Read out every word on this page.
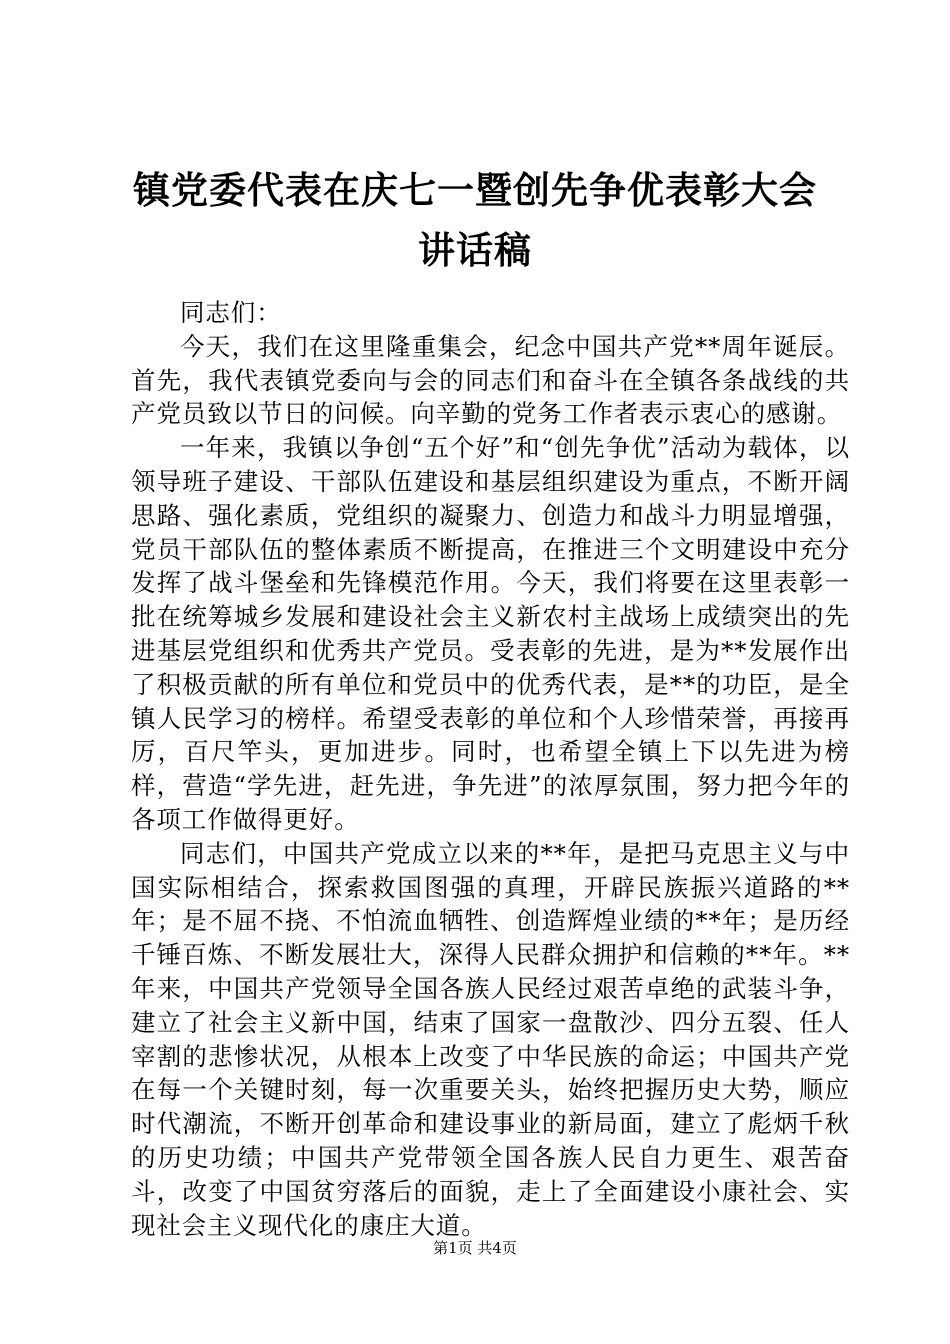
镇党委代表在庆七一暨创先争优表彰大会讲话稿

同志们：

今天，我们在这里隆重集会，纪念中国共产党**周年诞辰。首先，我代表镇党委向与会的同志们和奋斗在全镇各条战线的共产党员致以节日的问候。向辛勤的党务工作者表示衷心的感谢。

一年来，我镇以争创“五个好”和“创先争优”活动为载体，以领导班子建设、干部队伍建设和基层组织建设为重点，不断开阔思路、强化素质，党组织的凝聚力、创造力和战斗力明显增强，党员干部队伍的整体素质不断提高，在推进三个文明建设中充分发挥了战斗堡垒和先锋模范作用。今天，我们将要在这里表彰一批在统筹城乡发展和建设社会主义新农村主战场上成绩突出的先进基层党组织和优秀共产党员。受表彰的先进，是为**发展作出了积极贡献的所有单位和党员中的优秀代表，是**的功臣，是全镇人民学习的榜样。希望受表彰的单位和个人珍惜荣誉，再接再厉，百尺竿头，更加进步。同时，也希望全镇上下以先进为榜样，营造“学先进，赶先进，争先进”的浓厚氛围，努力把今年的各项工作做得更好。

同志们，中国共产党成立以来的**年，是把马克思主义与中国实际相结合，探索救国图强的真理，开辟民族振兴道路的**年；是不屈不挠、不怕流血牺牲、创造辉煌业绩的**年；是历经千锤百炼、不断发展壮大，深得人民群众拥护和信赖的**年。**年来，中国共产党领导全国各族人民经过艰苦卓绝的武装斗争，建立了社会主义新中国，结束了国家一盘散沙、四分五裂、任人宰割的悲惨状况，从根本上改变了中华民族的命运；中国共产党在每一个关键时刻，每一次重要关头，始终把握历史大势，顺应时代潮流，不断开创革命和建设事业的新局面，建立了彪炳千秋的历史功绩；中国共产党带领全国各族人民自力更生、艰苦奋斗，改变了中国贫穷落后的面貌，走上了全面建设小康社会、实现社会主义现代化的康庄大道。

第1页 共4页
